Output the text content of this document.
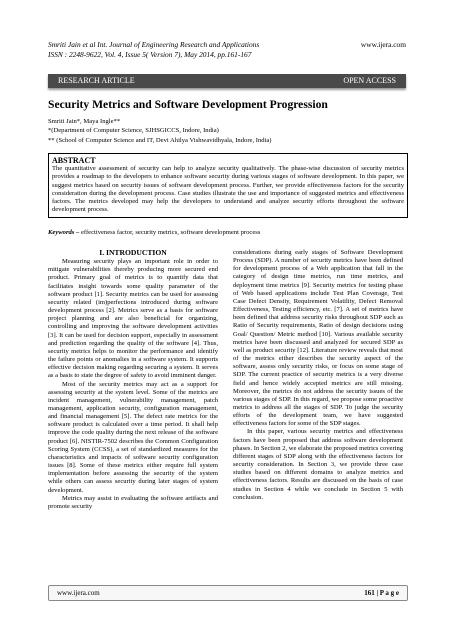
Smriti Jain et al Int. Journal of Engineering Research and Applications
ISSN : 2248-9622, Vol. 4, Issue 5( Version 7), May 2014, pp.161-167
www.ijera.com
RESEARCH ARTICLE	OPEN ACCESS
Security Metrics and Software Development Progression
Smriti Jain*, Maya Ingle**
*(Department of Computer Science, SJHSGICCS, Indore, India)
** (School of Computer Science and IT, Devi Ahilya Vishwavidhyala, Indore, India)
ABSTRACT
The quantitative assessment of security can help to analyze security qualitatively. The phase-wise discussion of security metrics provides a roadmap to the developers to enhance software security during various stages of software development. In this paper, we suggest metrics based on security issues of software development process. Further, we provide effectiveness factors for the security consideration during the development process. Case studies illustrate the use and importance of suggested metrics and effectiveness factors. The metrics developed may help the developers to understand and analyze security efforts throughout the software development process.
Keywords – effectiveness factor, security metrics, software development process
I. INTRODUCTION

Measuring security plays an important role in order to mitigate vulnerabilities thereby producing more secured end product. Primary goal of metrics is to quantify data that facilitates insight towards some quality parameter of the software product [1]. Security metrics can be used for assessing security related (im)perfections introduced during software development process [2]. Metrics serve as a basis for software project planning and are also beneficial for organizing, controlling and improving the software development activities [3]. It can be used for decision support, especially in assessment and prediction regarding the quality of the software [4]. Thus, security metrics helps to monitor the performance and identify the failure points or anomalies in a software system. It supports effective decision making regarding securing a system. It serves as a basis to state the degree of safety to avoid imminent danger.

Most of the security metrics may act as a support for assessing security at the system level. Some of the metrics are incident management, vulnerability management, patch management, application security, configuration management, and financial management [5]. The defect rate metrics for the software product is calculated over a time period. It shall help improve the code quality during the next release of the software product [6]. NISTIR-7502 describes the Common Configuration Scoring System (CCSS), a set of standardized measures for the characteristics and impacts of software security configuration issues [8]. Some of these metrics either require full system implementation before assessing the security of the system while others can assess security during later stages of system development.

Metrics may assist in evaluating the software artifacts and promote security

considerations during early stages of Software Development Process (SDP). A number of security metrics have been defined for development process of a Web application that fall in the category of design time metrics, run time metrics, and deployment time metrics [9]. Security metrics for testing phase of Web based applications include Test Plan Coverage, Test Case Defect Density, Requirement Volatility, Defect Removal Effectiveness, Testing efficiency, etc. [7]. A set of metrics have been defined that address security risks throughout SDP such as Ratio of Security requirements, Ratio of design decisions using Goal/ Question/ Metric method [10]. Various available security metrics have been discussed and analyzed for secured SDP as well as product security [12]. Literature review reveals that most of the metrics either describes the security aspect of the software, assess only security risks, or focus on some stage of SDP. The current practice of security metrics is a very diverse field and hence widely accepted metrics are still missing. Moreover, the metrics do not address the security issues of the various stages of SDP. In this regard, we propose some proactive metrics to address all the stages of SDP. To judge the security efforts of the development team, we have suggested effectiveness factors for some of the SDP stages.

In this paper, various security metrics and effectiveness factors have been proposed that address software development phases. In Section 2, we elaborate the proposed metrics covering different stages of SDP along with the effectiveness factors for security consideration. In Section 3, we provide three case studies based on different domains to analyze metrics and effectiveness factors. Results are discussed on the basis of case studies in Section 4 while we conclude in Section 5 with conclusion.

www.ijera.com	161 | P a g e
